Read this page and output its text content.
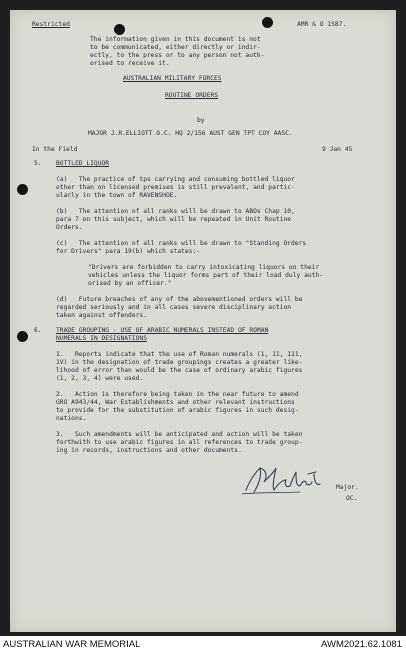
Restricted	AMR & O 1587.
The information given in this document is not
to be communicated, either directly or indir-
ectly, to the press or to any person not auth-
orised to receive it.
AUSTRALIAN MILITARY FORCES
ROUTINE ORDERS
by
MAJOR J.R.ELLIOTT O.C. HQ 2/156 AUST GEN TPT COY AASC.
In the Field	9 Jan 45
5. BOTTLED LIQUOR
(a)   The practice of tps carrying and consuming bottled liquor
other than on licensed premises is still prevalent, and partic-
ularly in the town of RAVENSHOE.
(b)   The attention of all ranks will be drawn to ABOs Chap 10,
para 7 on this subject, which will be repeated in Unit Routine
Orders.
(c)   The attention of all ranks will be drawn to "Standing Orders
for Drivers" para 19(b) which states:-
"Drivers are forbidden to carry intoxicating liquors on their
vehicles unless the liquor forms part of their load duly auth-
orised by an officer."
(d)   Future breaches of any of the abovementioned orders will be
regarded seriously and in all cases severe disciplinary action
taken against offenders.
6. TRADE GROUPING - USE OF ARABIC NUMERALS INSTEAD OF ROMAN
NUMERALS IN DESIGNATIONS
1.   Reports indicate that the use of Roman numerals (1, 11, 111,
1V) in the designation of trade groupings creates a greater like-
lihood of error than would be the case of ordinary arabic figures
(1, 2, 3, 4) were used.
2.   Action is therefore being taken in the near future to amend
GRO A943/44, War Establishments and other relevant instructions
to provide for the substitution of arabic figures in such desig-
nations.
3.   Such amendments will be anticipated and action will be taken
forthwith to use arabic figures in all references to trade group-
ing in records, instructions and other documents.
Major.
OC.
AUSTRALIAN WAR MEMORIAL	AWM2021.62.1081
